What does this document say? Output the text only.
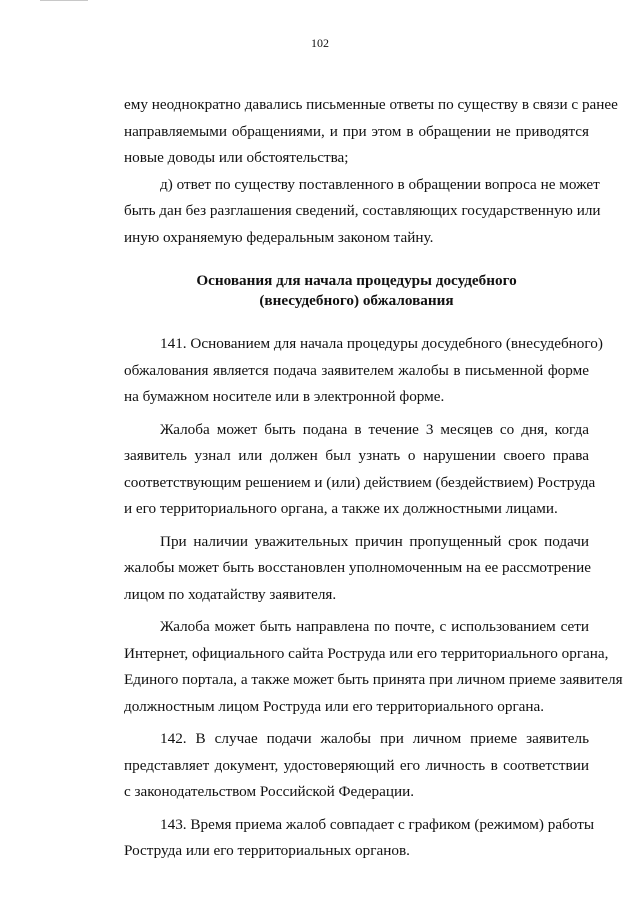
102

ему неоднократно давались письменные ответы по существу в связи с ранее
направляемыми обращениями, и при этом в обращении не приводятся
новые доводы или обстоятельства;

д) ответ по существу поставленного в обращении вопроса не может
быть дан без разглашения сведений, составляющих государственную или
иную охраняемую федеральным законом тайну.

Основания для начала процедуры досудебного
(внесудебного) обжалования

141. Основанием для начала процедуры досудебного (внесудебного)
обжалования является подача заявителем жалобы в письменной форме
на бумажном носителе или в электронной форме.

Жалоба может быть подана в течение 3 месяцев со дня, когда
заявитель узнал или должен был узнать о нарушении своего права
соответствующим решением и (или) действием (бездействием) Роструда
и его территориального органа, а также их должностными лицами.

При наличии уважительных причин пропущенный срок подачи
жалобы может быть восстановлен уполномоченным на ее рассмотрение
лицом по ходатайству заявителя.

Жалоба может быть направлена по почте, с использованием сети
Интернет, официального сайта Роструда или его территориального органа,
Единого портала, а также может быть принята при личном приеме заявителя
должностным лицом Роструда или его территориального органа.

142. В случае подачи жалобы при личном приеме заявитель
представляет документ, удостоверяющий его личность в соответствии
с законодательством Российской Федерации.

143. Время приема жалоб совпадает с графиком (режимом) работы
Роструда или его территориальных органов.
